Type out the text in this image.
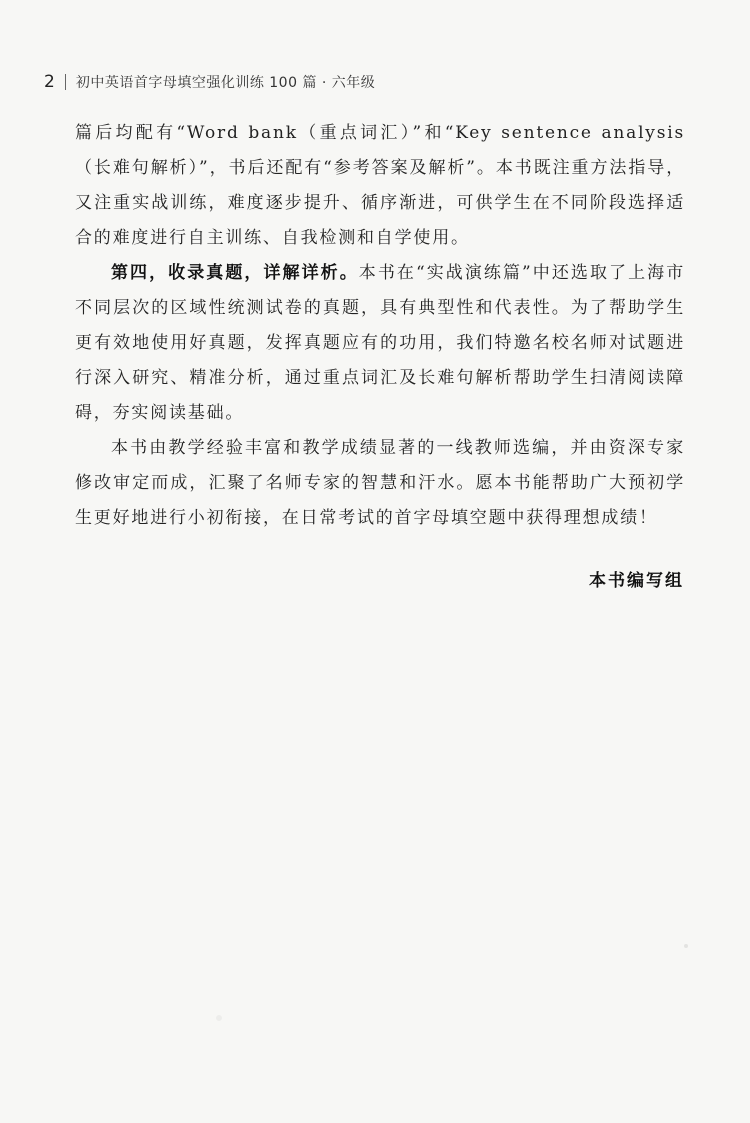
2 初中英语首字母填空强化训练 100 篇 · 六年级

篇后均配有“Word bank（重点词汇）”和“Key sentence analysis（长难句解析）”，书后还配有“参考答案及解析”。本书既注重方法指导，又注重实战训练，难度逐步提升、循序渐进，可供学生在不同阶段选择适合的难度进行自主训练、自我检测和自学使用。

第四，收录真题，详解详析。本书在“实战演练篇”中还选取了上海市不同层次的区域性统测试卷的真题，具有典型性和代表性。为了帮助学生更有效地使用好真题，发挥真题应有的功用，我们特邀名校名师对试题进行深入研究、精准分析，通过重点词汇及长难句解析帮助学生扫清阅读障碍，夯实阅读基础。

本书由教学经验丰富和教学成绩显著的一线教师选编，并由资深专家修改审定而成，汇聚了名师专家的智慧和汗水。愿本书能帮助广大预初学生更好地进行小初衔接，在日常考试的首字母填空题中获得理想成绩！

本书编写组
